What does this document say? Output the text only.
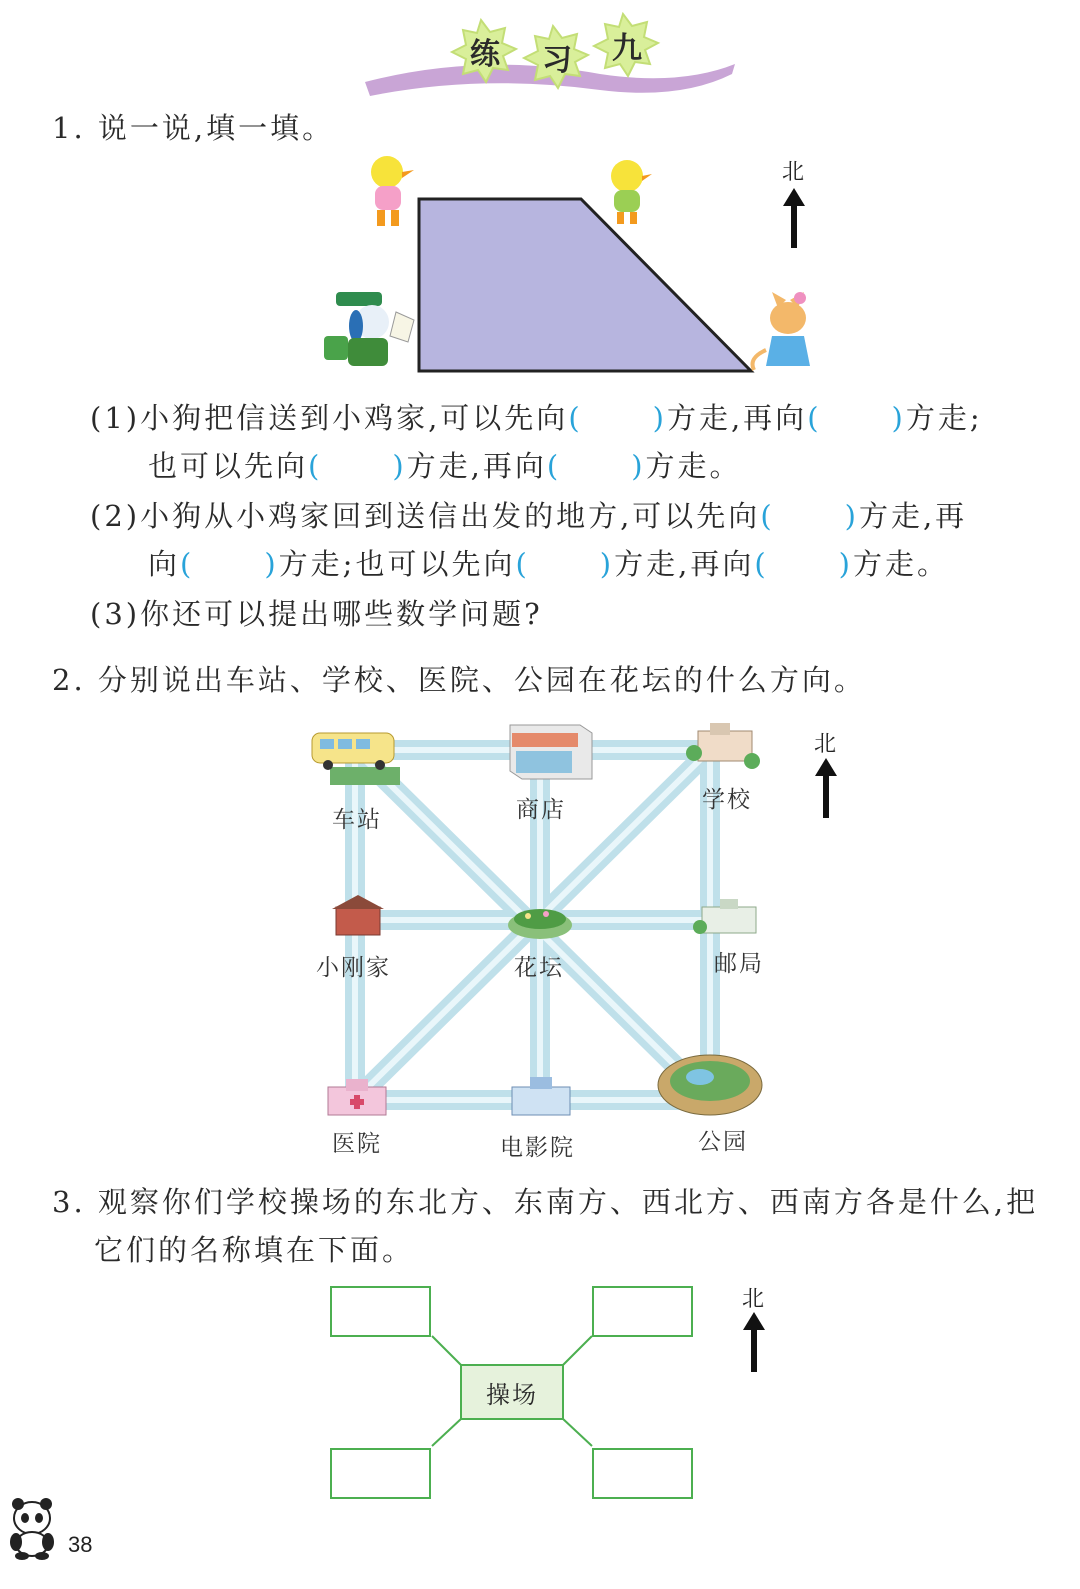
练	习	九
1. 说一说,填一填。
北
(1)小狗把信送到小鸡家,可以先向( )方走,再向( )方走;
也可以先向( )方走,再向( )方走。
(2)小狗从小鸡家回到送信出发的地方,可以先向( )方走,再
向( )方走;也可以先向( )方走,再向( )方走。
(3)你还可以提出哪些数学问题?
2. 分别说出车站、学校、医院、公园在花坛的什么方向。
车站	商店	学校
小刚家	花坛	邮局
医院	电影院	公园
北
3. 观察你们学校操场的东北方、东南方、西北方、西南方各是什么,把
它们的名称填在下面。
操场
北
38
